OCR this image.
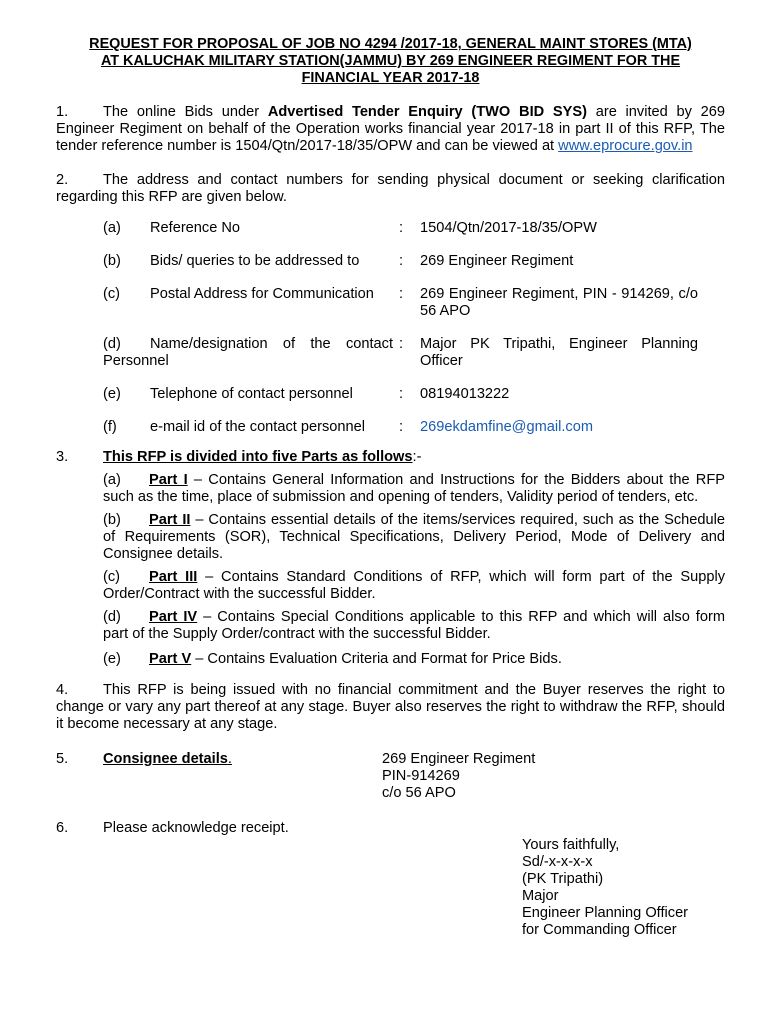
REQUEST FOR PROPOSAL OF JOB NO 4294 /2017-18, GENERAL MAINT STORES (MTA)
AT KALUCHAK MILITARY STATION(JAMMU) BY 269 ENGINEER REGIMENT FOR THE
FINANCIAL YEAR 2017-18
1. The online Bids under Advertised Tender Enquiry (TWO BID SYS) are invited by 269 Engineer Regiment on behalf of the Operation works financial year 2017-18 in part II of this RFP, The tender reference number is 1504/Qtn/2017-18/35/OPW and can be viewed at www.eprocure.gov.in
2. The address and contact numbers for sending physical document or seeking clarification regarding this RFP are given below.
(a) Reference No	:	1504/Qtn/2017-18/35/OPW
(b) Bids/ queries to be addressed to	:	269 Engineer Regiment
(c) Postal Address for Communication	:	269 Engineer Regiment, PIN - 914269, c/o 56 APO
(d) Name/designation of the contact Personnel
:	Major PK Tripathi, Engineer Planning Officer
(e) Telephone of contact personnel	:	08194013222
(f) e-mail id of the contact personnel	:	269ekdamfine@gmail.com
3. This RFP is divided into five Parts as follows:-
(a) Part I – Contains General Information and Instructions for the Bidders about the RFP such as the time, place of submission and opening of tenders, Validity period of tenders, etc.
(b) Part II – Contains essential details of the items/services required, such as the Schedule of Requirements (SOR), Technical Specifications, Delivery Period, Mode of Delivery and Consignee details.
(c) Part III – Contains Standard Conditions of RFP, which will form part of the Supply Order/Contract with the successful Bidder.
(d) Part IV – Contains Special Conditions applicable to this RFP and which will also form part of the Supply Order/contract with the successful Bidder.
(e) Part V – Contains Evaluation Criteria and Format for Price Bids.
4. This RFP is being issued with no financial commitment and the Buyer reserves the right to change or vary any part thereof at any stage. Buyer also reserves the right to withdraw the RFP, should it become necessary at any stage.
5.	Consignee details.	269 Engineer Regiment
PIN-914269
c/o 56 APO
6.	Please acknowledge receipt.
Yours faithfully,
Sd/-x-x-x-x
(PK Tripathi)
Major
Engineer Planning Officer
for Commanding Officer
